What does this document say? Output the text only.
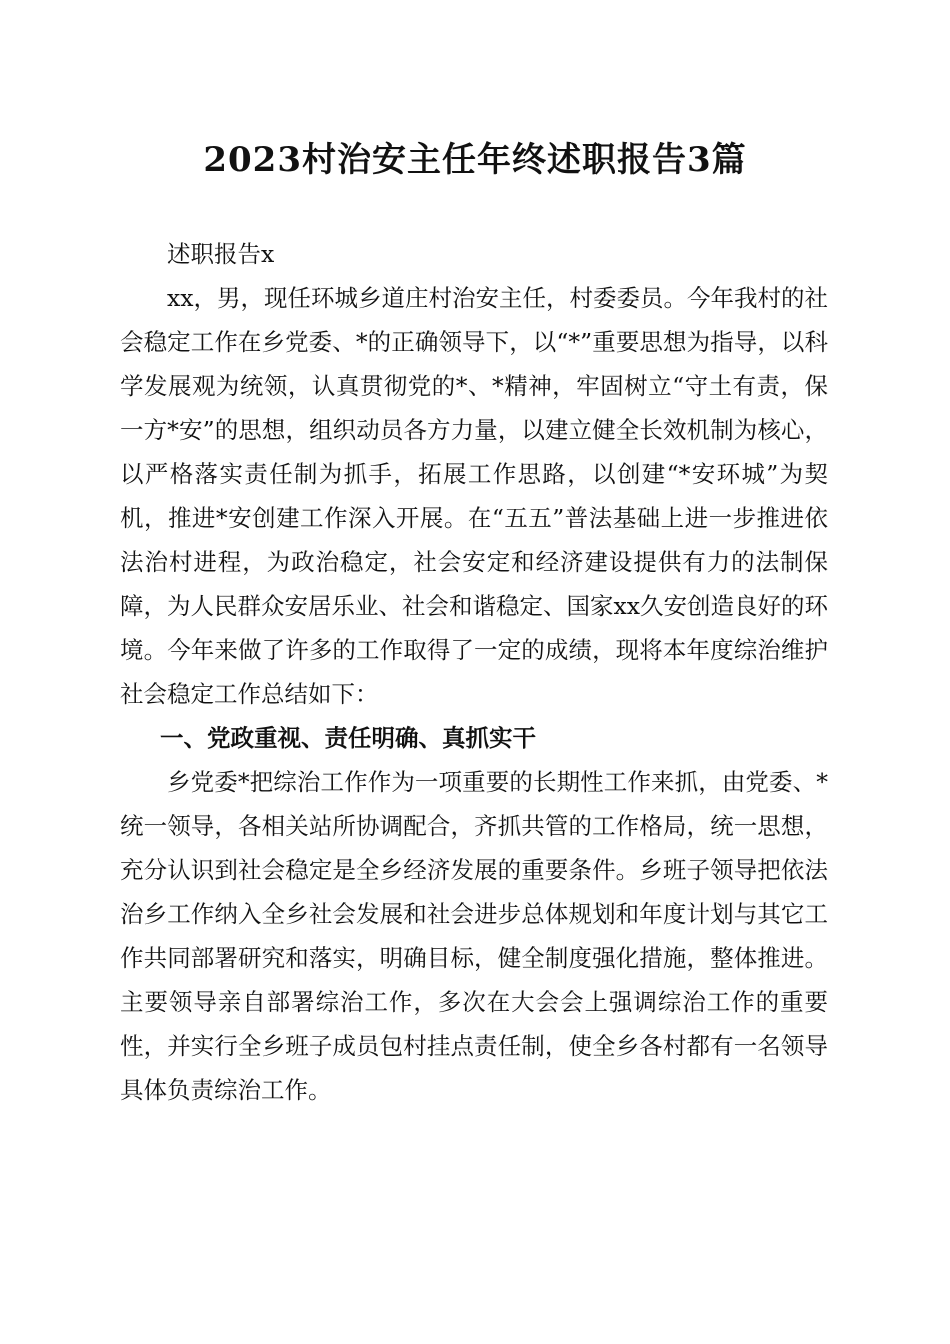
2023村治安主任年终述职报告3篇

述职报告x

xx，男，现任环城乡道庄村治安主任，村委委员。今年我村的社会稳定工作在乡党委、*的正确领导下，以“*”重要思想为指导，以科学发展观为统领，认真贯彻党的*、*精神，牢固树立“守土有责，保一方*安”的思想，组织动员各方力量，以建立健全长效机制为核心，以严格落实责任制为抓手，拓展工作思路，以创建“*安环城”为契机，推进*安创建工作深入开展。在“五五”普法基础上进一步推进依法治村进程，为政治稳定，社会安定和经济建设提供有力的法制保障，为人民群众安居乐业、社会和谐稳定、国家xx久安创造良好的环境。今年来做了许多的工作取得了一定的成绩，现将本年度综治维护社会稳定工作总结如下：

一、党政重视、责任明确、真抓实干

乡党委*把综治工作作为一项重要的长期性工作来抓，由党委、*统一领导，各相关站所协调配合，齐抓共管的工作格局，统一思想，充分认识到社会稳定是全乡经济发展的重要条件。乡班子领导把依法治乡工作纳入全乡社会发展和社会进步总体规划和年度计划与其它工作共同部署研究和落实，明确目标，健全制度强化措施，整体推进。主要领导亲自部署综治工作，多次在大会会上强调综治工作的重要性，并实行全乡班子成员包村挂点责任制，使全乡各村都有一名领导具体负责综治工作。
